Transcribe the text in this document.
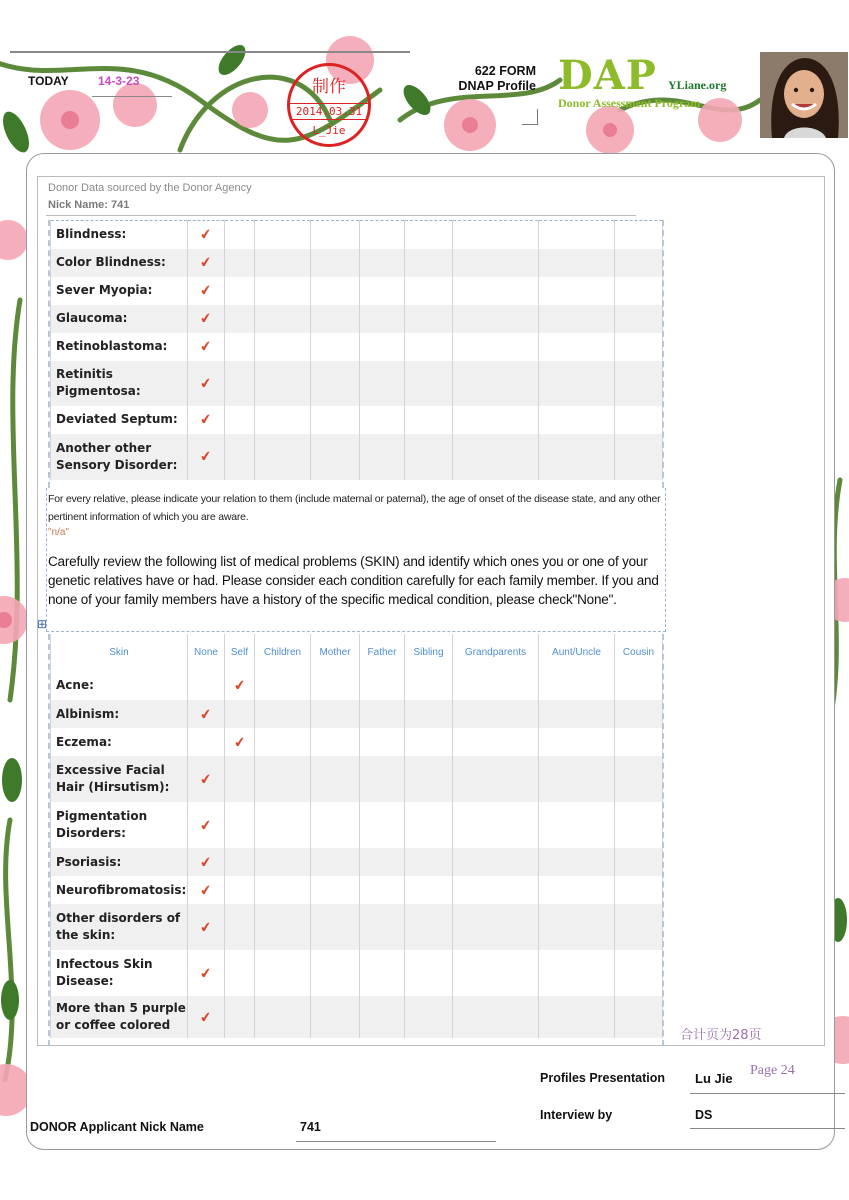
TODAY 14-3-23	制作
2014.03.31
L_Jie
622 FORM
DNAP Profile DAP YLiane.org
Donor Assessment Program
Donor Data sourced by the Donor Agency
Nick Name: 741
Blindness:	✔								
Color Blindness:	✔								
Sever Myopia:	✔								
Glaucoma:	✔								
Retinoblastoma:	✔								
Retinitis Pigmentosa:	✔								
Deviated Septum:	✔								
Another other Sensory Disorder:	✔								
For every relative, please indicate your relation to them (include maternal or paternal), the age of onset of the disease state, and any other pertinent information of which you are aware.
"n/a"
Carefully review the following list of medical problems (SKIN) and identify which ones you or one of your genetic relatives have or had. Please consider each condition carefully for each family member. If you and none of your family members have a history of the specific medical condition, please check"None".
⊞
Skin	None	Self	Children	Mother	Father	Sibling	Grandparents	Aunt/Uncle	Cousin
Acne:		✔							
Albinism:	✔								
Eczema:		✔							
Excessive Facial Hair (Hirsutism):	✔								
Pigmentation Disorders:	✔								
Psoriasis:	✔								
Neurofibromatosis:	✔								
Other disorders of the skin:	✔								
Infectous Skin Disease:	✔								
More than 5 purple or coffee colored	✔								
合计页为28页
Profiles Presentation Lu Jie
Page 24
Interview by	DS
DONOR Applicant Nick Name	741
